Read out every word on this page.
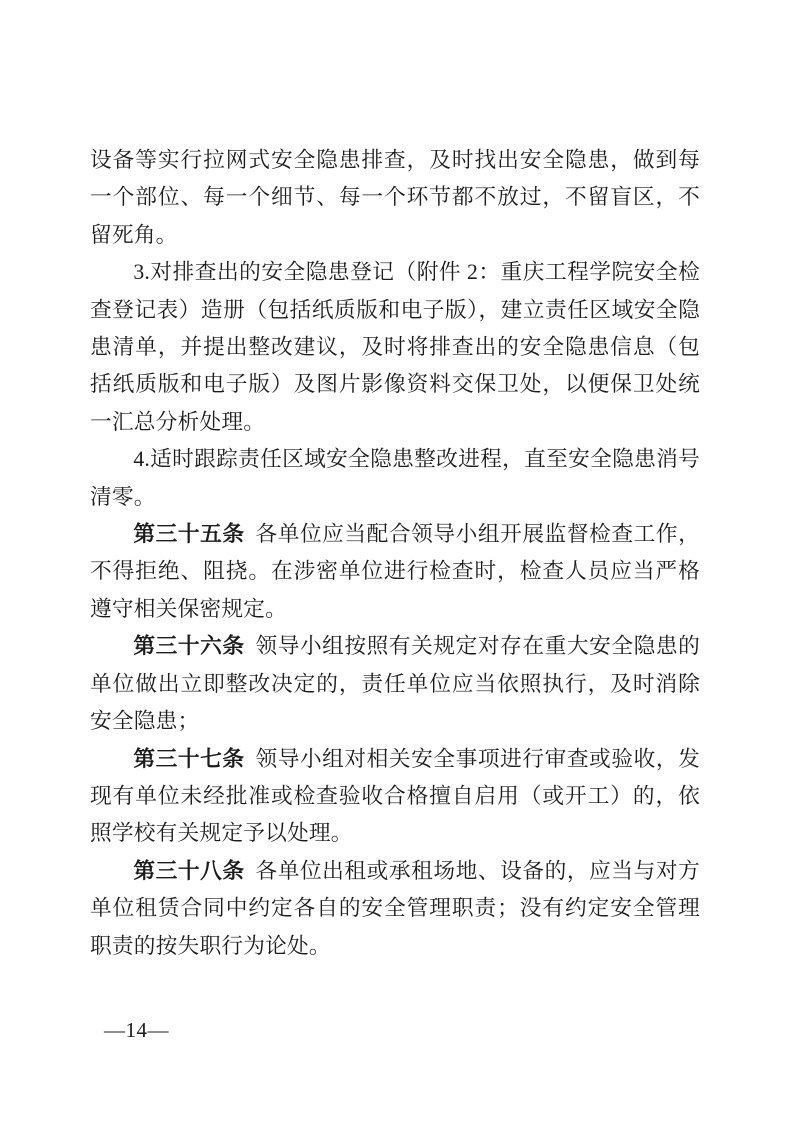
设备等实行拉网式安全隐患排查，及时找出安全隐患，做到每一个部位、每一个细节、每一个环节都不放过，不留盲区，不留死角。

3.对排查出的安全隐患登记（附件 2：重庆工程学院安全检查登记表）造册（包括纸质版和电子版），建立责任区域安全隐患清单，并提出整改建议，及时将排查出的安全隐患信息（包括纸质版和电子版）及图片影像资料交保卫处，以便保卫处统一汇总分析处理。

4.适时跟踪责任区域安全隐患整改进程，直至安全隐患消号清零。

第三十五条 各单位应当配合领导小组开展监督检查工作，不得拒绝、阻挠。在涉密单位进行检查时，检查人员应当严格遵守相关保密规定。

第三十六条 领导小组按照有关规定对存在重大安全隐患的单位做出立即整改决定的，责任单位应当依照执行，及时消除安全隐患；

第三十七条 领导小组对相关安全事项进行审查或验收，发现有单位未经批准或检查验收合格擅自启用（或开工）的，依照学校有关规定予以处理。

第三十八条 各单位出租或承租场地、设备的，应当与对方单位租赁合同中约定各自的安全管理职责；没有约定安全管理职责的按失职行为论处。

—14—
